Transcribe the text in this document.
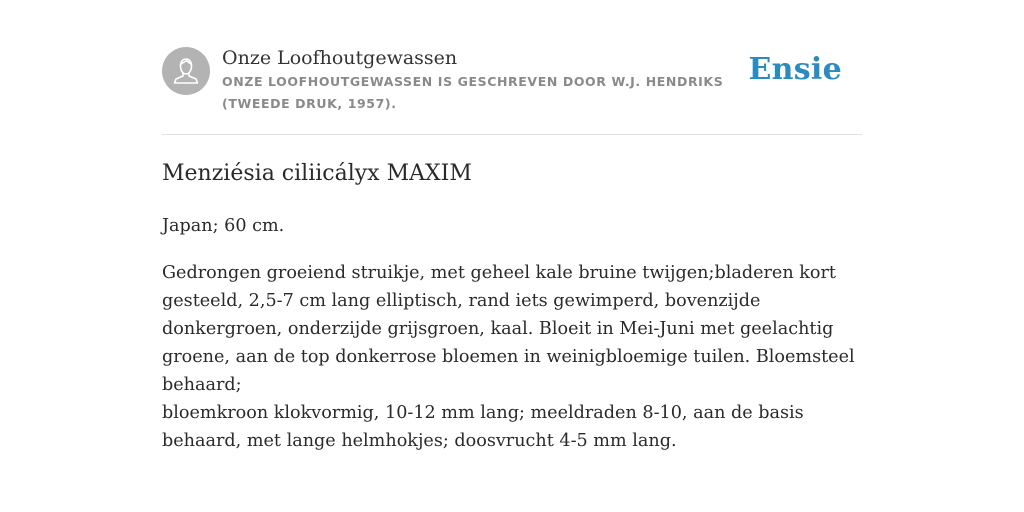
Onze Loofhoutgewassen
ONZE LOOFHOUTGEWASSEN IS GESCHREVEN DOOR W.J. HENDRIKS (TWEEDE DRUK, 1957).
Ensie
Menziésia ciliicályx MAXIM
Japan; 60 cm.
Gedrongen groeiend struikje, met geheel kale bruine twijgen;bladeren kort gesteeld, 2,5-7 cm lang elliptisch, rand iets gewimperd, bovenzijde donkergroen, onderzijde grijsgroen, kaal. Bloeit in Mei-Juni met geelachtig groene, aan de top donkerrose bloemen in weinigbloemige tuilen. Bloemsteel behaard;
bloemkroon klokvormig, 10-12 mm lang; meeldraden 8-10, aan de basis behaard, met lange helmhokjes; doosvrucht 4-5 mm lang.
